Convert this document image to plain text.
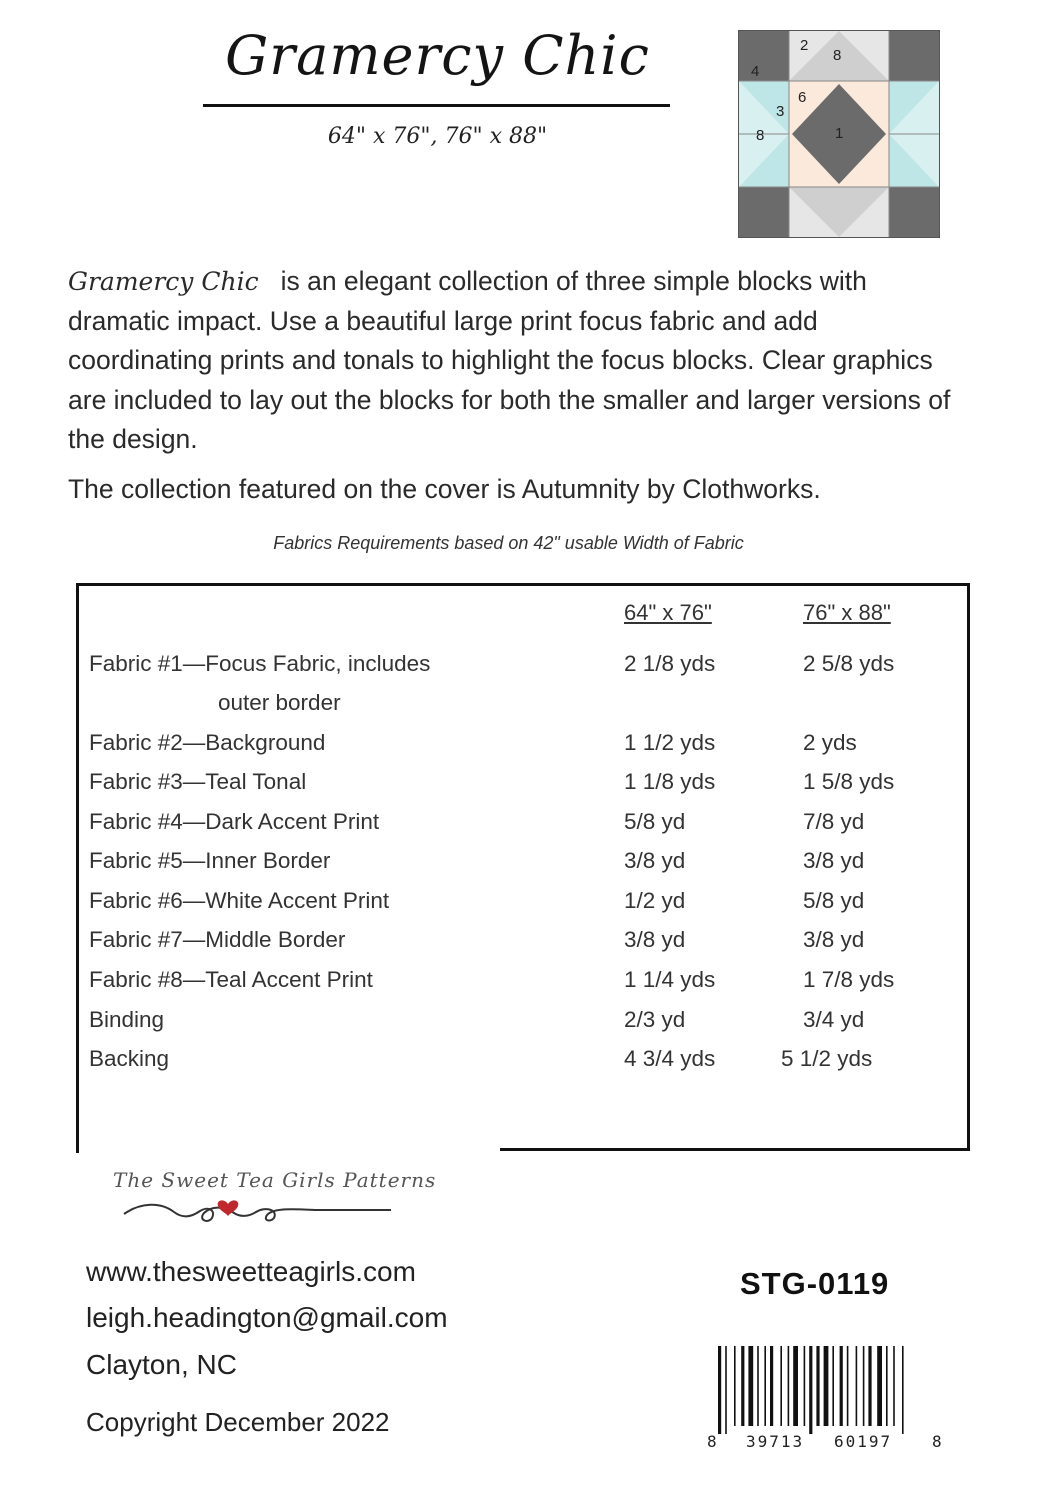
Gramercy Chic
64" x 76", 76" x 88"
2
8
4
6
3
8	1
Gramercy Chic is an elegant collection of three simple blocks with dramatic impact. Use a beautiful large print focus fabric and add coordinating prints and tonals to highlight the focus blocks. Clear graphics are included to lay out the blocks for both the smaller and larger versions of the design.
The collection featured on the cover is Autumnity by Clothworks.
Fabrics Requirements based on 42" usable Width of Fabric
64" x 76"	76" x 88"
Fabric #1—Focus Fabric, includes	2 1/8 yds	2 5/8 yds
outer border
Fabric #2—Background	1 1/2 yds	2 yds
Fabric #3—Teal Tonal	1 1/8 yds	1 5/8 yds
Fabric #4—Dark Accent Print	5/8 yd	7/8 yd
Fabric #5—Inner Border	3/8 yd	3/8 yd
Fabric #6—White Accent Print	1/2 yd	5/8 yd
Fabric #7—Middle Border	3/8 yd	3/8 yd
Fabric #8—Teal Accent Print	1 1/4 yds	1 7/8 yds
Binding	2/3 yd	3/4 yd
Backing	4 3/4 yds	5 1/2 yds
The Sweet Tea Girls Patterns
www.thesweetteagirls.com
leigh.headington@gmail.com
Clayton, NC
Copyright December 2022
STG-0119
8 39713 60197 8
